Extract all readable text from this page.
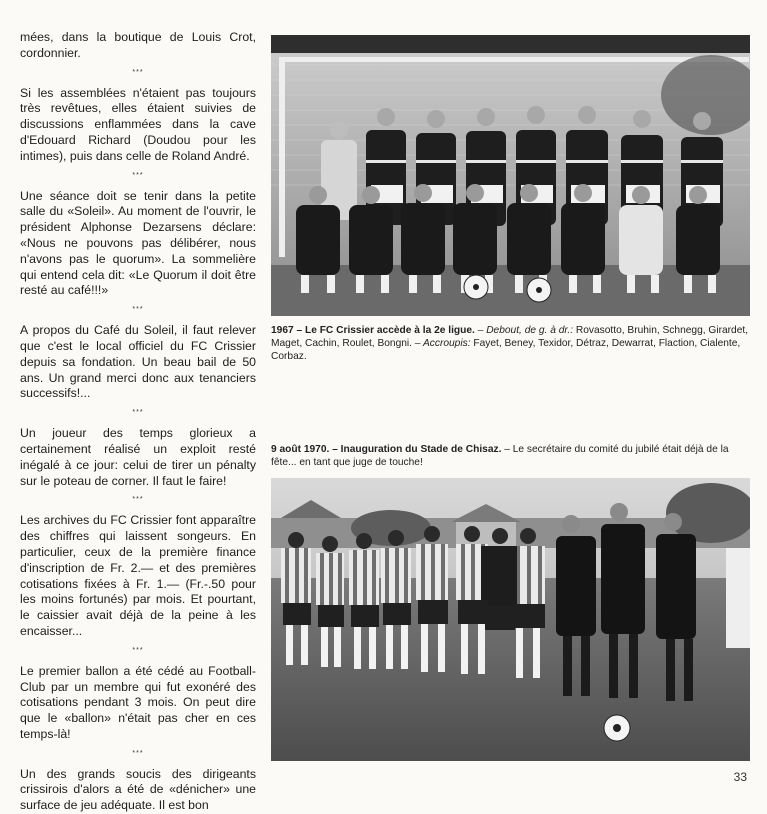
mées, dans la boutique de Louis Crot, cordonnier.

***

Si les assemblées n'étaient pas toujours très revêtues, elles étaient suivies de discussions enflammées dans la cave d'Edouard Richard (Doudou pour les intimes), puis dans celle de Roland André.

***

Une séance doit se tenir dans la petite salle du «Soleil». Au moment de l'ouvrir, le président Alphonse Dezarsens déclare: «Nous ne pouvons pas délibérer, nous n'avons pas le quorum». La sommelière qui entend cela dit: «Le Quorum il doit être resté au café!!!»

***

A propos du Café du Soleil, il faut relever que c'est le local officiel du FC Crissier depuis sa fondation. Un beau bail de 50 ans. Un grand merci donc aux tenanciers successifs!...

***

Un joueur des temps glorieux a certainement réalisé un exploit resté inégalé à ce jour: celui de tirer un pénalty sur le poteau de corner. Il faut le faire!

***

Les archives du FC Crissier font apparaître des chiffres qui laissent songeurs. En particulier, ceux de la première finance d'inscription de Fr. 2.— et des premières cotisations fixées à Fr. 1.— (Fr.-.50 pour les moins fortunés) par mois. Et pourtant, le caissier avait déjà de la peine à les encaisser...

***

Le premier ballon a été cédé au Football-Club par un membre qui fut exonéré des cotisations pendant 3 mois. On peut dire que le «ballon» n'était pas cher en ces temps-là!

***

Un des grands soucis des dirigeants crissirois d'alors a été de «dénicher» une surface de jeu adéquate. Il est bon

1967 – Le FC Crissier accède à la 2e ligue. – Debout, de g. à dr.: Rovasotto, Bruhin, Schnegg, Girardet, Maget, Cachin, Roulet, Bongni. – Accroupis: Fayet, Beney, Texidor, Détraz, Dewarrat, Flaction, Cialente, Corbaz.
9 août 1970. – Inauguration du Stade de Chisaz. – Le secrétaire du comité du jubilé était déjà de la fête... en tant que juge de touche!
33
